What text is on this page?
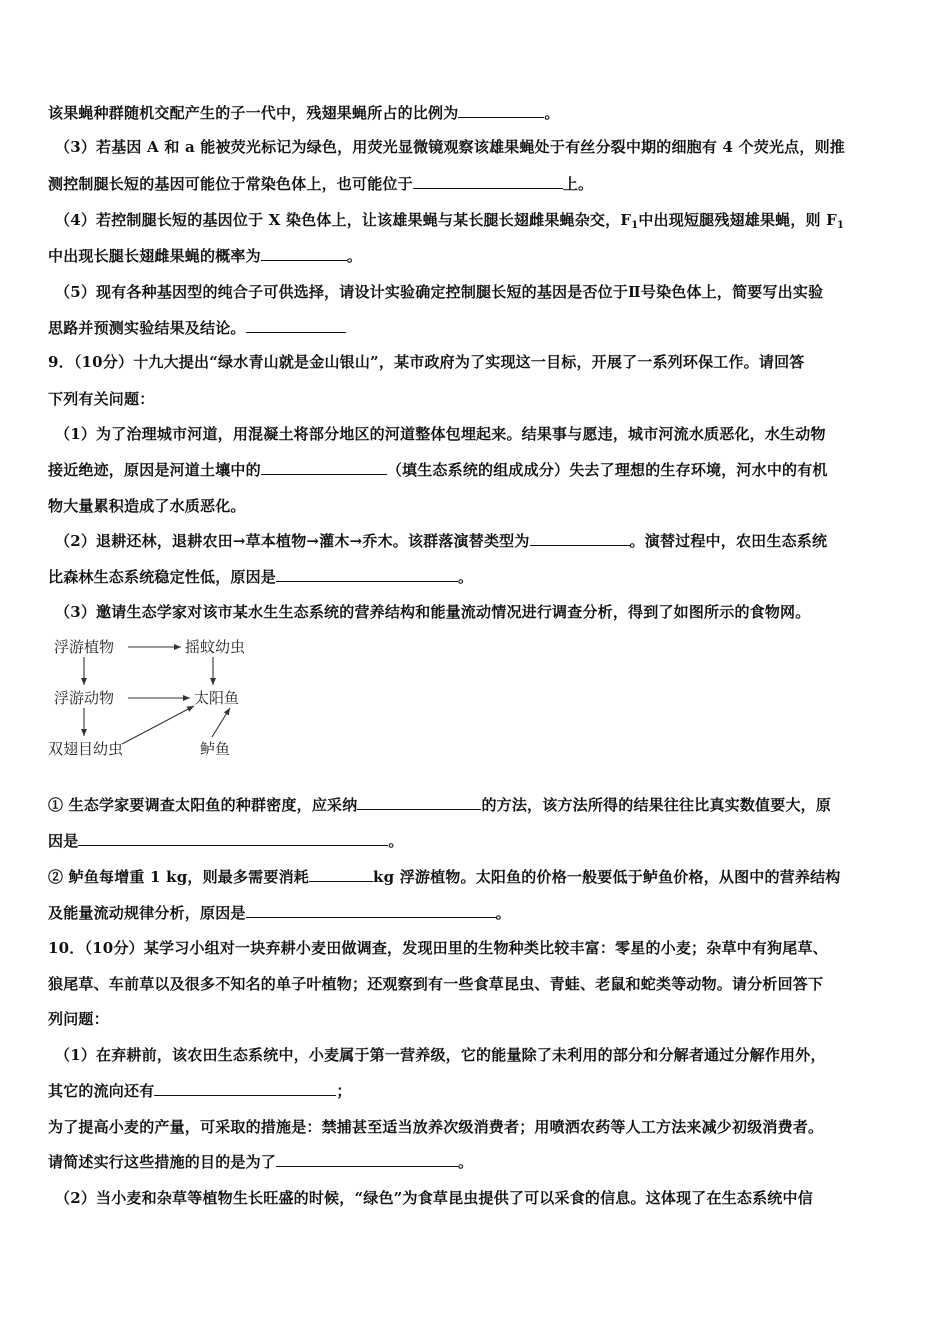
该果蝇种群随机交配产生的子一代中，残翅果蝇所占的比例为	。
（3）若基因 A 和 a 能被荧光标记为绿色，用荧光显微镜观察该雄果蝇处于有丝分裂中期的细胞有 4 个荧光点，则推
测控制腿长短的基因可能位于常染色体上，也可能位于	上。
（4）若控制腿长短的基因位于 X 染色体上，让该雄果蝇与某长腿长翅雌果蝇杂交，$F_1$中出现短腿残翅雄果蝇，则 $F_1$
中出现长腿长翅雌果蝇的概率为	。
（5）现有各种基因型的纯合子可供选择，请设计实验确定控制腿长短的基因是否位于Ⅱ号染色体上，简要写出实验
思路并预测实验结果及结论。
9．（10分）十九大提出“绿水青山就是金山银山”，某市政府为了实现这一目标，开展了一系列环保工作。请回答
下列有关问题：
（1）为了治理城市河道，用混凝土将部分地区的河道整体包埋起来。结果事与愿违，城市河流水质恶化，水生动物
接近绝迹，原因是河道土壤中的	（填生态系统的组成成分）失去了理想的生存环境，河水中的有机
物大量累积造成了水质恶化。
（2）退耕还林，退耕农田→草本植物→灌木→乔木。该群落演替类型为	。演替过程中，农田生态系统
比森林生态系统稳定性低，原因是	。
（3）邀请生态学家对该市某水生生态系统的营养结构和能量流动情况进行调查分析，得到了如图所示的食物网。
浮游植物	摇蚊幼虫
浮游动物	太阳鱼
双翅目幼虫	鲈鱼
① 生态学家要调查太阳鱼的种群密度，应采纳	的方法，该方法所得的结果往往比真实数值要大，原
因是	。
② 鲈鱼每增重 1 kg，则最多需要消耗	kg 浮游植物。太阳鱼的价格一般要低于鲈鱼价格，从图中的营养结构
及能量流动规律分析，原因是	。
10．（10分）某学习小组对一块弃耕小麦田做调查，发现田里的生物种类比较丰富：零星的小麦；杂草中有狗尾草、
狼尾草、车前草以及很多不知名的单子叶植物；还观察到有一些食草昆虫、青蛙、老鼠和蛇类等动物。请分析回答下
列问题：
（1）在弃耕前，该农田生态系统中，小麦属于第一营养级，它的能量除了未利用的部分和分解者通过分解作用外，
其它的流向还有	；
为了提高小麦的产量，可采取的措施是：禁捕甚至适当放养次级消费者；用喷洒农药等人工方法来减少初级消费者。
请简述实行这些措施的目的是为了	。
（2）当小麦和杂草等植物生长旺盛的时候，“绿色”为食草昆虫提供了可以采食的信息。这体现了在生态系统中信
